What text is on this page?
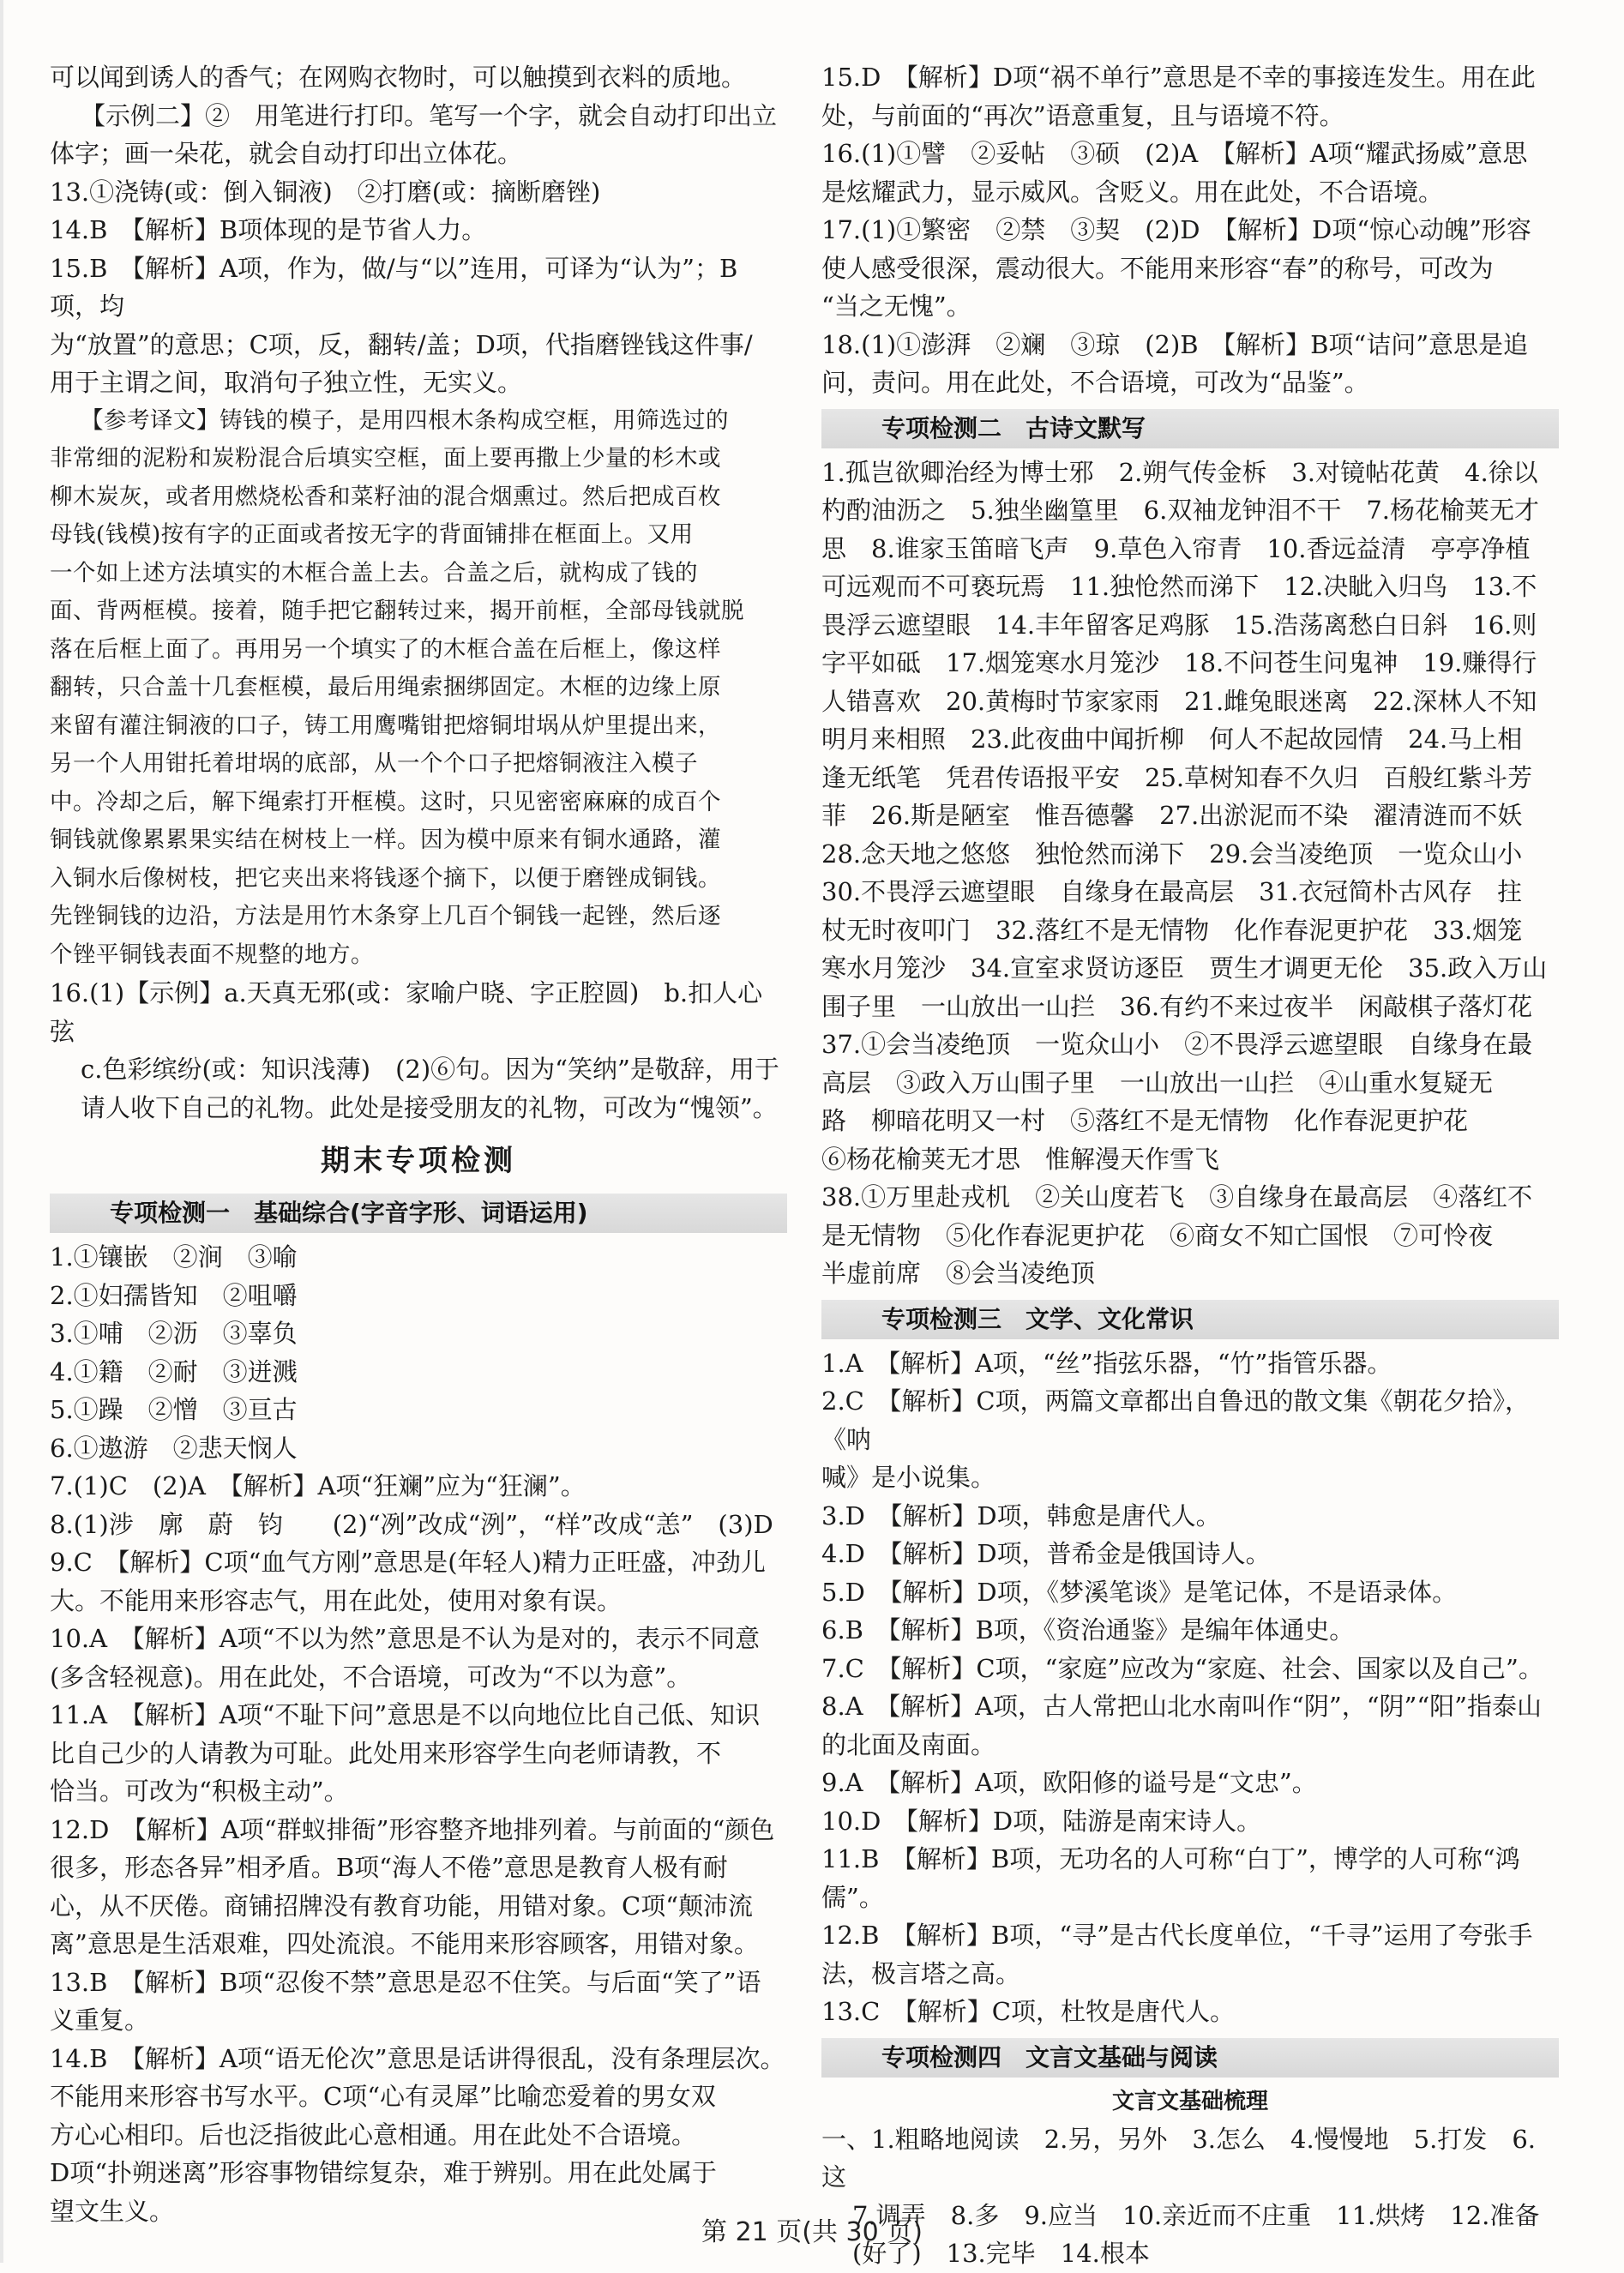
可以闻到诱人的香气；在网购衣物时，可以触摸到衣料的质地。

【示例二】②　用笔进行打印。笔写一个字，就会自动打印出立

体字；画一朵花，就会自动打印出立体花。

13.①浇铸(或：倒入铜液)　②打磨(或：摘断磨锉)

14.B　【解析】B项体现的是节省人力。

15.B　【解析】A项，作为，做/与“以”连用，可译为“认为”；B项，均

为“放置”的意思；C项，反，翻转/盖；D项，代指磨锉钱这件事/

用于主谓之间，取消句子独立性，无实义。

【参考译文】铸钱的模子，是用四根木条构成空框，用筛选过的

非常细的泥粉和炭粉混合后填实空框，面上要再撒上少量的杉木或

柳木炭灰，或者用燃烧松香和菜籽油的混合烟熏过。然后把成百枚

母钱(钱模)按有字的正面或者按无字的背面铺排在框面上。又用

一个如上述方法填实的木框合盖上去。合盖之后，就构成了钱的

面、背两框模。接着，随手把它翻转过来，揭开前框，全部母钱就脱

落在后框上面了。再用另一个填实了的木框合盖在后框上，像这样

翻转，只合盖十几套框模，最后用绳索捆绑固定。木框的边缘上原

来留有灌注铜液的口子，铸工用鹰嘴钳把熔铜坩埚从炉里提出来，

另一个人用钳托着坩埚的底部，从一个个口子把熔铜液注入模子

中。冷却之后，解下绳索打开框模。这时，只见密密麻麻的成百个

铜钱就像累累果实结在树枝上一样。因为模中原来有铜水通路，灌

入铜水后像树枝，把它夹出来将钱逐个摘下，以便于磨锉成铜钱。

先锉铜钱的边沿，方法是用竹木条穿上几百个铜钱一起锉，然后逐

个锉平铜钱表面不规整的地方。

16.(1)【示例】a.天真无邪(或：家喻户晓、字正腔圆)　b.扣人心弦

c.色彩缤纷(或：知识浅薄)　(2)⑥句。因为“笑纳”是敬辞，用于

请人收下自己的礼物。此处是接受朋友的礼物，可改为“愧领”。

期末专项检测
专项检测一　基础综合(字音字形、词语运用)

1.①镶嵌　②涧　③喻

2.①妇孺皆知　②咀嚼

3.①哺　②沥　③辜负

4.①籍　②耐　③迸溅

5.①躁　②憎　③亘古

6.①遨游　②悲天悯人

7.(1)C　(2)A　【解析】A项“狂斓”应为“狂澜”。

8.(1)涉　廓　蔚　钧　　(2)“冽”改成“洌”，“样”改成“恙”　(3)D

9.C　【解析】C项“血气方刚”意思是(年轻人)精力正旺盛，冲劲儿

大。不能用来形容志气，用在此处，使用对象有误。

10.A　【解析】A项“不以为然”意思是不认为是对的，表示不同意

(多含轻视意)。用在此处，不合语境，可改为“不以为意”。

11.A　【解析】A项“不耻下问”意思是不以向地位比自己低、知识

比自己少的人请教为可耻。此处用来形容学生向老师请教，不

恰当。可改为“积极主动”。

12.D　【解析】A项“群蚁排衙”形容整齐地排列着。与前面的“颜色

很多，形态各异”相矛盾。B项“海人不倦”意思是教育人极有耐

心，从不厌倦。商铺招牌没有教育功能，用错对象。C项“颠沛流

离”意思是生活艰难，四处流浪。不能用来形容顾客，用错对象。

13.B　【解析】B项“忍俊不禁”意思是忍不住笑。与后面“笑了”语

义重复。

14.B　【解析】A项“语无伦次”意思是话讲得很乱，没有条理层次。

不能用来形容书写水平。C项“心有灵犀”比喻恋爱着的男女双

方心心相印。后也泛指彼此心意相通。用在此处不合语境。

D项“扑朔迷离”形容事物错综复杂，难于辨别。用在此处属于

望文生义。

15.D　【解析】D项“祸不单行”意思是不幸的事接连发生。用在此

处，与前面的“再次”语意重复，且与语境不符。

16.(1)①譬　②妥帖　③硕　(2)A　【解析】A项“耀武扬威”意思

是炫耀武力，显示威风。含贬义。用在此处，不合语境。

17.(1)①繁密　②禁　③契　(2)D　【解析】D项“惊心动魄”形容

使人感受很深，震动很大。不能用来形容“春”的称号，可改为

“当之无愧”。

18.(1)①澎湃　②斓　③琼　(2)B　【解析】B项“诘问”意思是追

问，责问。用在此处，不合语境，可改为“品鉴”。

专项检测二　古诗文默写

1.孤岂欲卿治经为博士邪　2.朔气传金柝　3.对镜帖花黄　4.徐以

杓酌油沥之　5.独坐幽篁里　6.双袖龙钟泪不干　7.杨花榆荚无才

思　8.谁家玉笛暗飞声　9.草色入帘青　10.香远益清　亭亭净植

可远观而不可亵玩焉　11.独怆然而涕下　12.决眦入归鸟　13.不

畏浮云遮望眼　14.丰年留客足鸡豚　15.浩荡离愁白日斜　16.则

字平如砥　17.烟笼寒水月笼沙　18.不问苍生问鬼神　19.赚得行

人错喜欢　20.黄梅时节家家雨　21.雌兔眼迷离　22.深林人不知

明月来相照　23.此夜曲中闻折柳　何人不起故园情　24.马上相

逢无纸笔　凭君传语报平安　25.草树知春不久归　百般红紫斗芳

菲　26.斯是陋室　惟吾德馨　27.出淤泥而不染　濯清涟而不妖

28.念天地之悠悠　独怆然而涕下　29.会当凌绝顶　一览众山小

30.不畏浮云遮望眼　自缘身在最高层　31.衣冠简朴古风存　拄

杖无时夜叩门　32.落红不是无情物　化作春泥更护花　33.烟笼

寒水月笼沙　34.宣室求贤访逐臣　贾生才调更无伦　35.政入万山

围子里　一山放出一山拦　36.有约不来过夜半　闲敲棋子落灯花

37.①会当凌绝顶　一览众山小　②不畏浮云遮望眼　自缘身在最

高层　③政入万山围子里　一山放出一山拦　④山重水复疑无

路　柳暗花明又一村　⑤落红不是无情物　化作春泥更护花

⑥杨花榆荚无才思　惟解漫天作雪飞

38.①万里赴戎机　②关山度若飞　③自缘身在最高层　④落红不

是无情物　⑤化作春泥更护花　⑥商女不知亡国恨　⑦可怜夜

半虚前席　⑧会当凌绝顶

专项检测三　文学、文化常识

1.A　【解析】A项，“丝”指弦乐器，“竹”指管乐器。

2.C　【解析】C项，两篇文章都出自鲁迅的散文集《朝花夕拾》，《呐

喊》是小说集。

3.D　【解析】D项，韩愈是唐代人。

4.D　【解析】D项，普希金是俄国诗人。

5.D　【解析】D项，《梦溪笔谈》是笔记体，不是语录体。

6.B　【解析】B项，《资治通鉴》是编年体通史。

7.C　【解析】C项，“家庭”应改为“家庭、社会、国家以及自己”。

8.A　【解析】A项，古人常把山北水南叫作“阴”，“阴”“阳”指泰山

的北面及南面。

9.A　【解析】A项，欧阳修的谥号是“文忠”。

10.D　【解析】D项，陆游是南宋诗人。

11.B　【解析】B项，无功名的人可称“白丁”，博学的人可称“鸿儒”。

12.B　【解析】B项，“寻”是古代长度单位，“千寻”运用了夸张手

法，极言塔之高。

13.C　【解析】C项，杜牧是唐代人。

专项检测四　文言文基础与阅读
文言文基础梳理

一、1.粗略地阅读　2.另，另外　3.怎么　4.慢慢地　5.打发　6.这

7.调弄　8.多　9.应当　10.亲近而不庄重　11.烘烤　12.准备

(好了)　13.完毕　14.根本

第 21 页(共 30 页)
